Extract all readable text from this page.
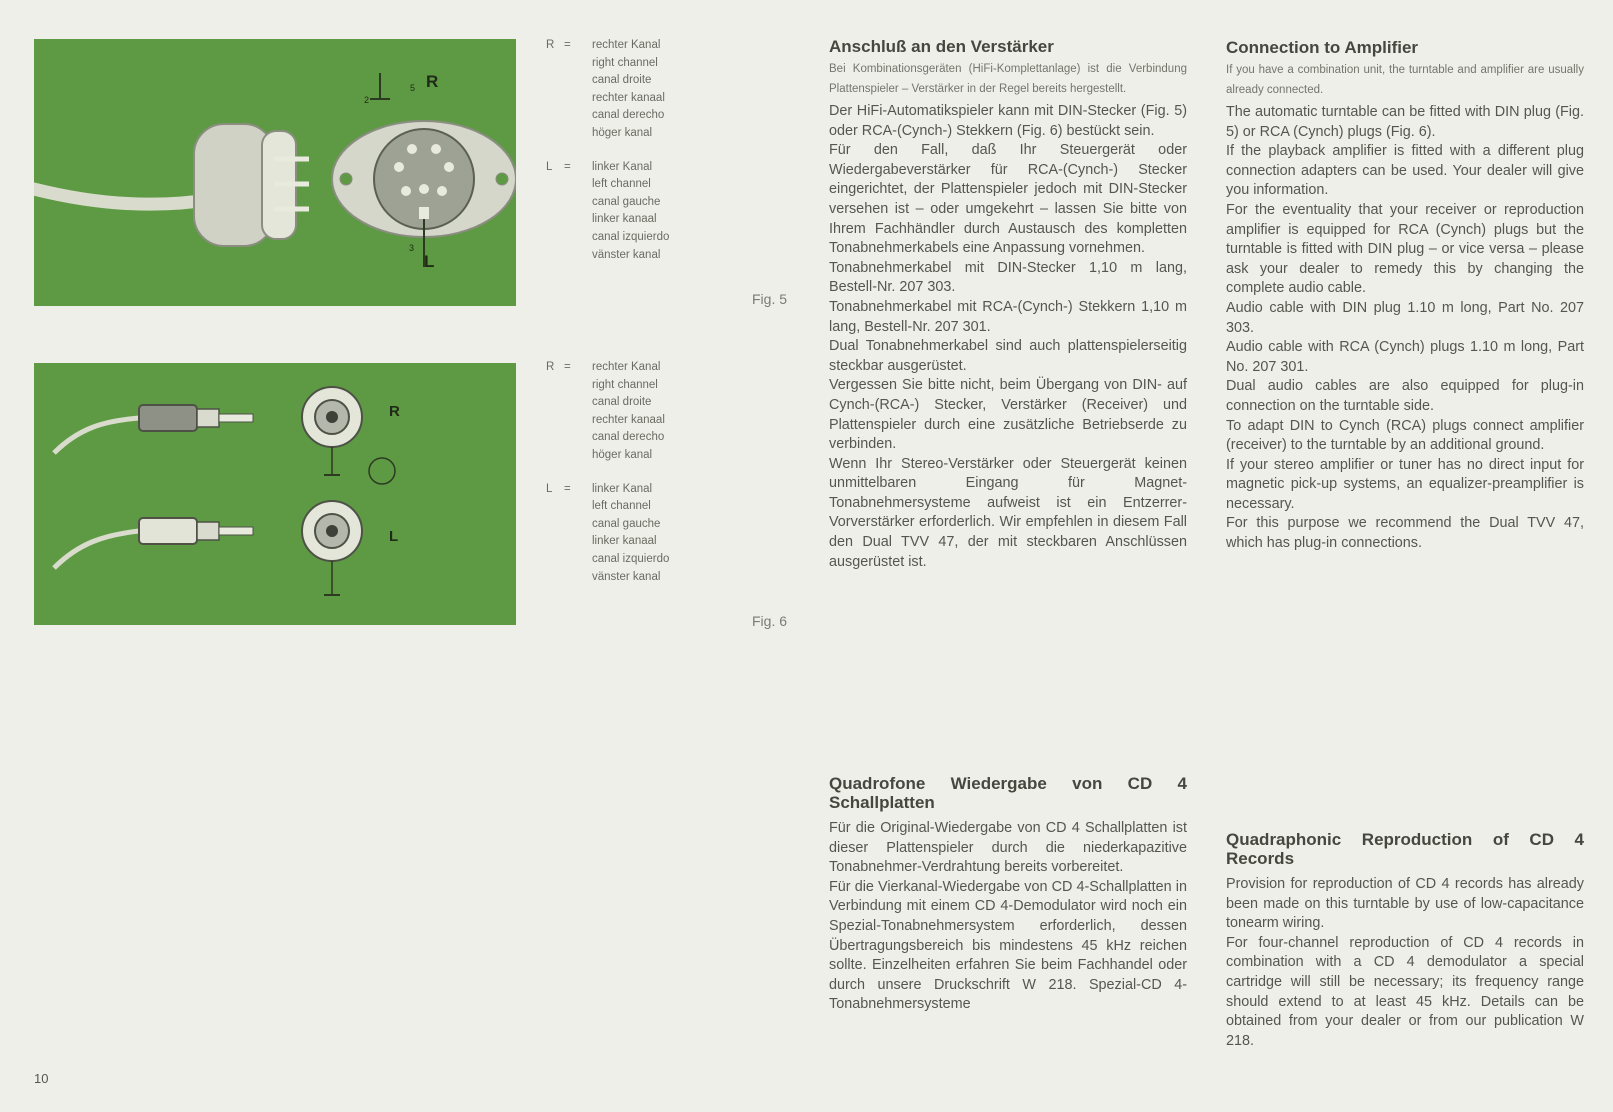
2
5 R
3
L
R
L
R =	rechter Kanal
right channel
canal droite
rechter kanaal
canal derecho
höger kanal
L	=	linker Kanal
left channel
canal gauche
linker kanaal
canal izquierdo
vänster kanal
R =	rechter Kanal
right channel
canal droite
rechter kanaal
canal derecho
höger kanal
L	=	linker Kanal
left channel
canal gauche
linker kanaal
canal izquierdo
vänster kanal
Fig. 5
Fig. 6
Anschluß an den Verstärker

Bei Kombinationsgeräten (HiFi-Komplettanlage) ist die Verbindung Plattenspieler – Verstärker in der Regel bereits hergestellt.

Der HiFi-Automatikspieler kann mit DIN-Stecker (Fig. 5) oder RCA-(Cynch-) Stekkern (Fig. 6) bestückt sein.

Für den Fall, daß Ihr Steuergerät oder Wiedergabeverstärker für RCA-(Cynch-) Stecker eingerichtet, der Plattenspieler jedoch mit DIN-Stecker versehen ist – oder umgekehrt – lassen Sie bitte von Ihrem Fachhändler durch Austausch des kompletten Tonabnehmerkabels eine Anpassung vornehmen.

Tonabnehmerkabel mit DIN-Stecker 1,10 m lang, Bestell-Nr. 207 303.

Tonabnehmerkabel mit RCA-(Cynch-) Stekkern 1,10 m lang, Bestell-Nr. 207 301.

Dual Tonabnehmerkabel sind auch plattenspielerseitig steckbar ausgerüstet.

Vergessen Sie bitte nicht, beim Übergang von DIN- auf Cynch-(RCA-) Stecker, Verstärker (Receiver) und Plattenspieler durch eine zusätzliche Betriebserde zu verbinden.

Wenn Ihr Stereo-Verstärker oder Steuergerät keinen unmittelbaren Eingang für Magnet-Tonabnehmersysteme aufweist ist ein Entzerrer-Vorverstärker erforderlich. Wir empfehlen in diesem Fall den Dual TVV 47, der mit steckbaren Anschlüssen ausgerüstet ist.

Quadrofone Wiedergabe von CD 4 Schallplatten

Für die Original-Wiedergabe von CD 4 Schallplatten ist dieser Plattenspieler durch die niederkapazitive Tonabnehmer-Verdrahtung bereits vorbereitet.

Für die Vierkanal-Wiedergabe von CD 4-Schallplatten in Verbindung mit einem CD 4-Demodulator wird noch ein Spezial-Tonabnehmersystem erforderlich, dessen Übertragungsbereich bis mindestens 45 kHz reichen sollte. Einzelheiten erfahren Sie beim Fachhandel oder durch unsere Druckschrift W 218. Spezial-CD 4-Tonabnehmersysteme

Connection to Amplifier

If you have a combination unit, the turntable and amplifier are usually already connected.

The automatic turntable can be fitted with DIN plug (Fig. 5) or RCA (Cynch) plugs (Fig. 6).

If the playback amplifier is fitted with a different plug connection adapters can be used. Your dealer will give you information.

For the eventuality that your receiver or reproduction amplifier is equipped for RCA (Cynch) plugs but the turntable is fitted with DIN plug – or vice versa – please ask your dealer to remedy this by changing the complete audio cable.

Audio cable with DIN plug 1.10 m long, Part No. 207 303.

Audio cable with RCA (Cynch) plugs 1.10 m long, Part No. 207 301.

Dual audio cables are also equipped for plug-in connection on the turntable side.

To adapt DIN to Cynch (RCA) plugs connect amplifier (receiver) to the turntable by an additional ground.

If your stereo amplifier or tuner has no direct input for magnetic pick-up systems, an equalizer-preamplifier is necessary.

For this purpose we recommend the Dual TVV 47, which has plug-in connections.

Quadraphonic Reproduction of CD 4 Records

Provision for reproduction of CD 4 records has already been made on this turntable by use of low-capacitance tonearm wiring.

For four-channel reproduction of CD 4 records in combination with a CD 4 demodulator a special cartridge will still be necessary; its frequency range should extend to at least 45 kHz. Details can be obtained from your dealer or from our publication W 218.

10
